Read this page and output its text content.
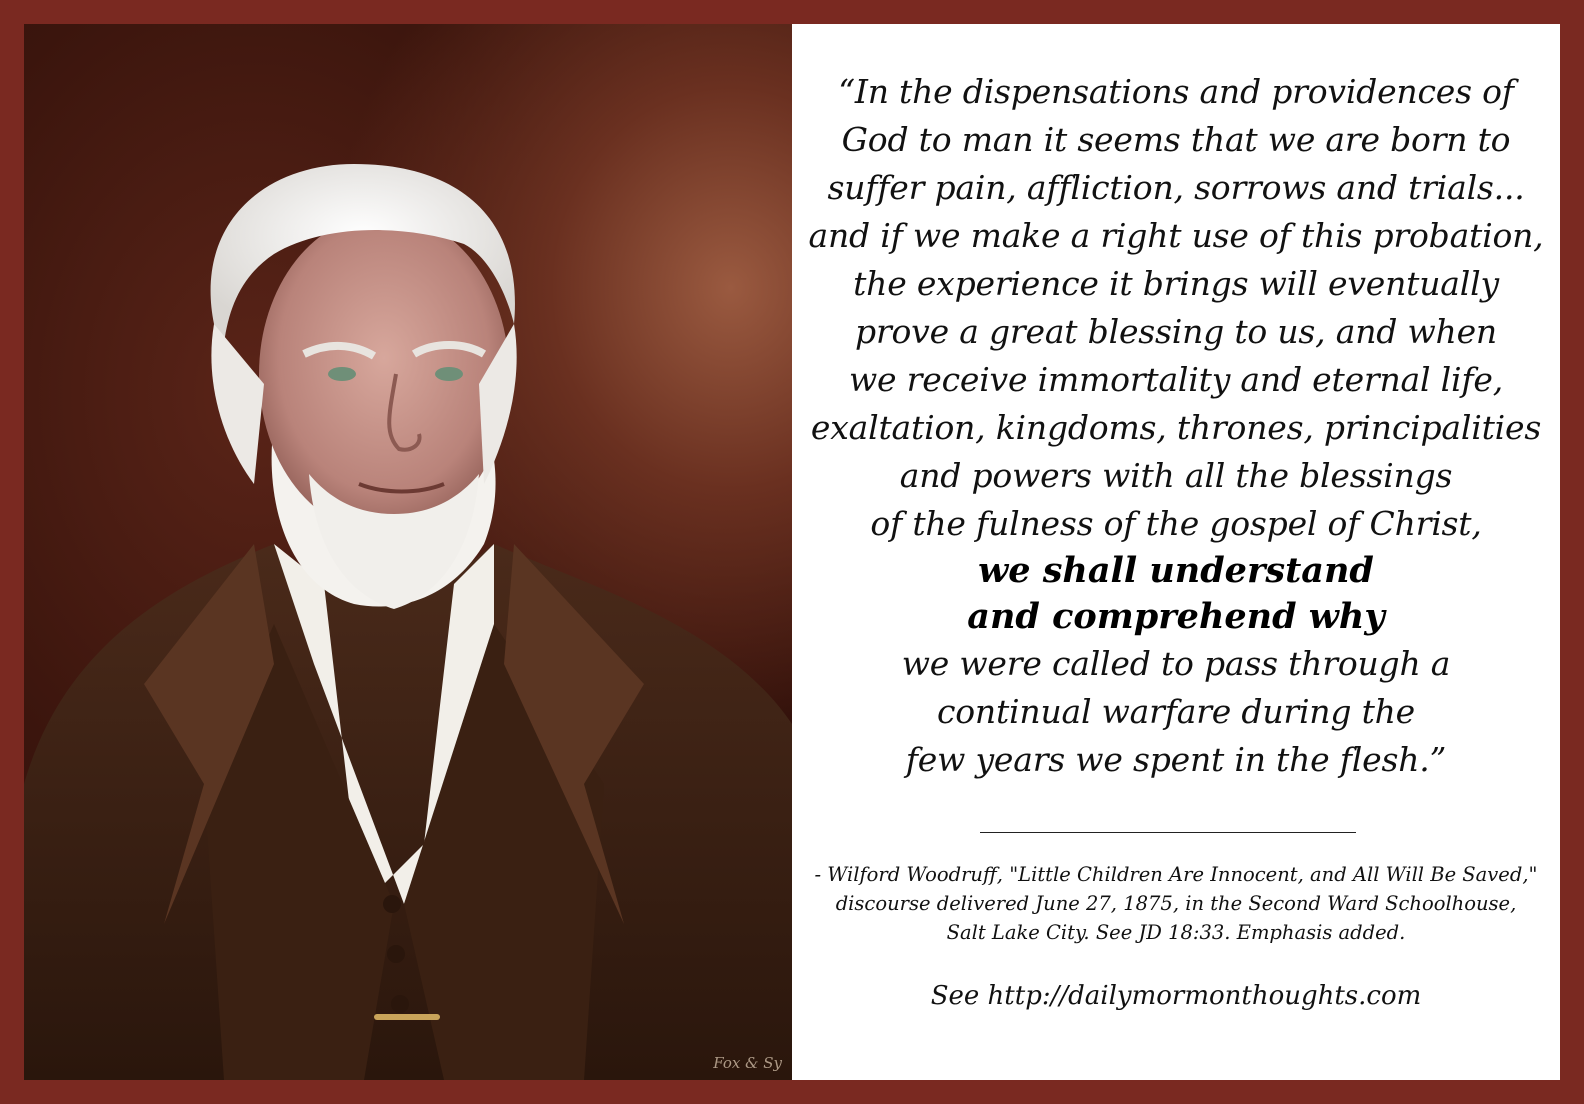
Fox & Sy
“In the dispensations and providences of
God to man it seems that we are born to
suffer pain, affliction, sorrows and trials...
and if we make a right use of this probation,
the experience it brings will eventually
prove a great blessing to us, and when
we receive immortality and eternal life,
exaltation, kingdoms, thrones, principalities
and powers with all the blessings
of the fulness of the gospel of Christ,
we shall understand
and comprehend why
we were called to pass through a
continual warfare during the
few years we spent in the flesh.”
- Wilford Woodruff, "Little Children Are Innocent, and All Will Be Saved,"
discourse delivered June 27, 1875, in the Second Ward Schoolhouse,
Salt Lake City. See JD 18:33. Emphasis added.
See http://dailymormonthoughts.com
